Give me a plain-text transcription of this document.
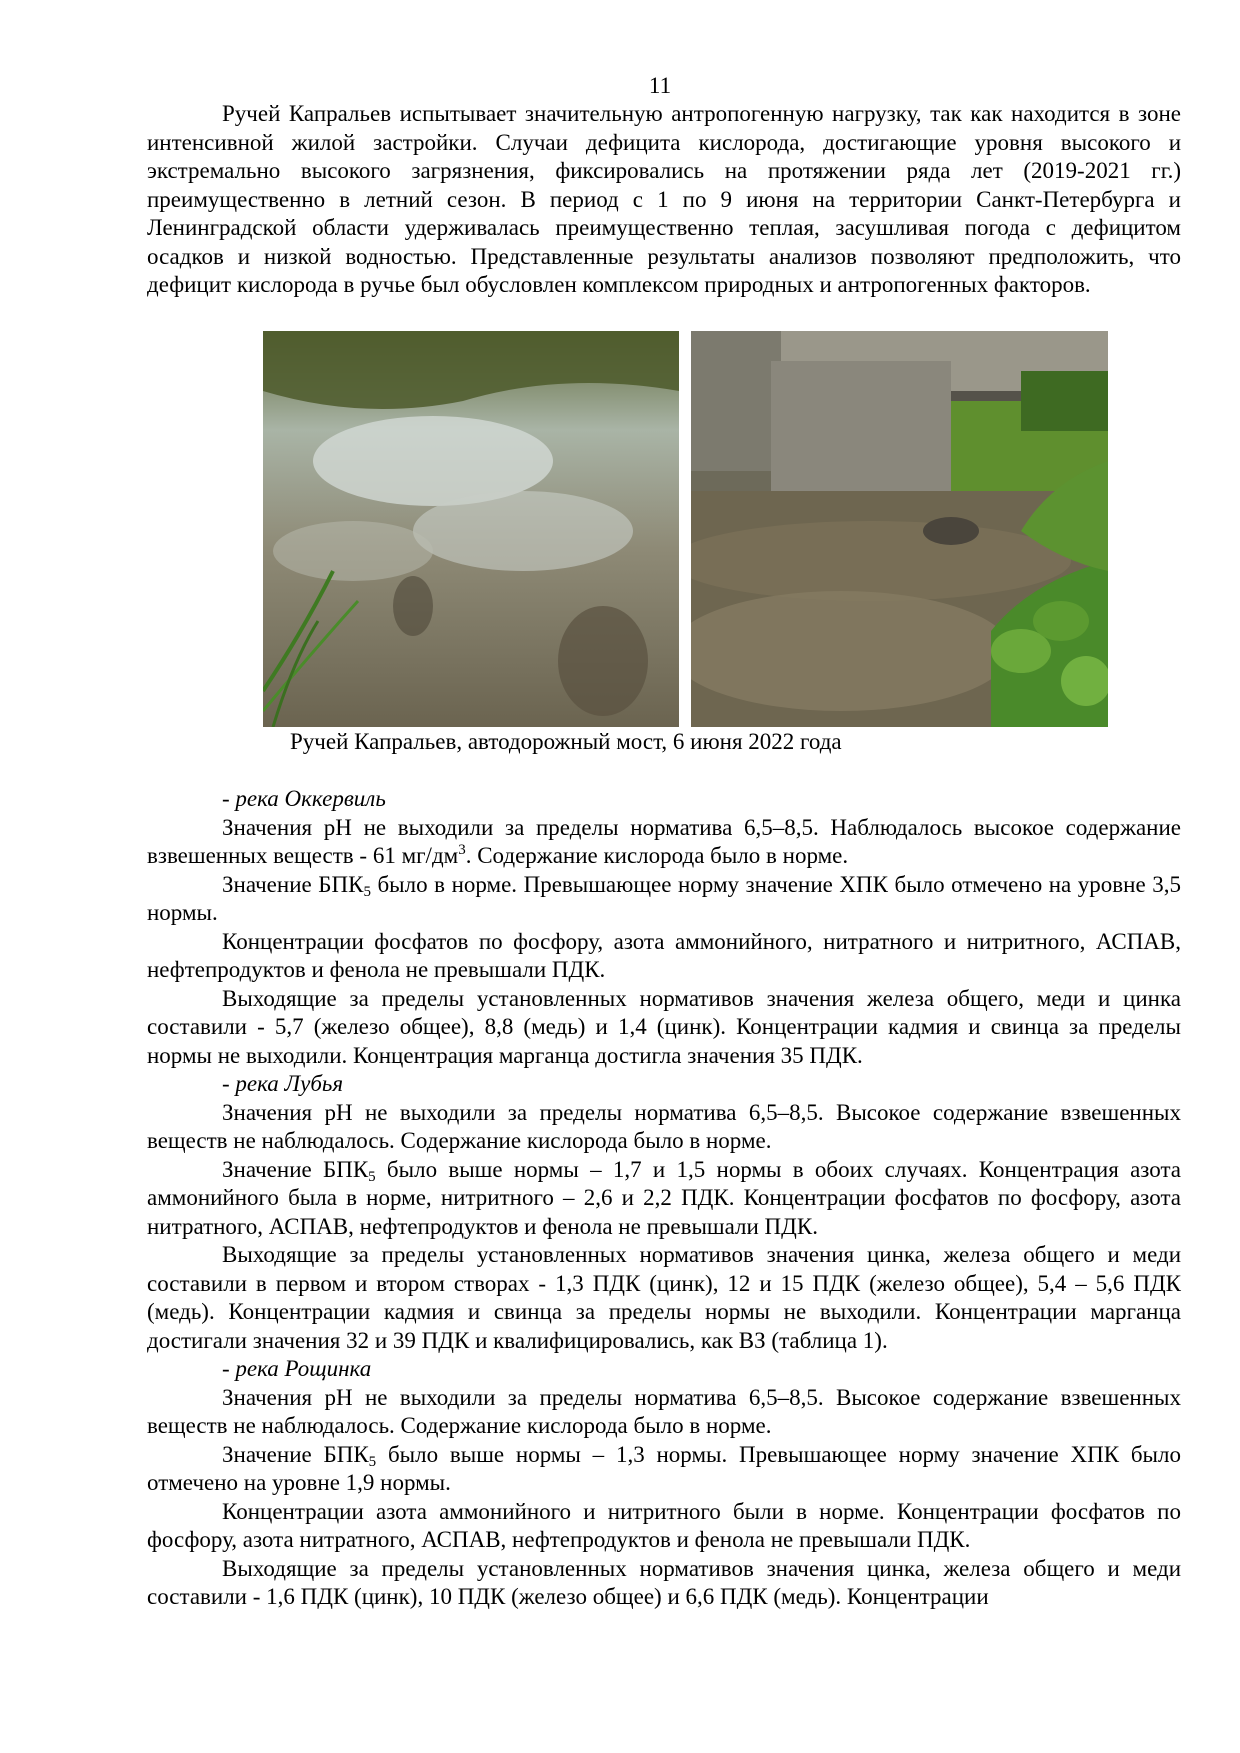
11

Ручей Капральев испытывает значительную антропогенную нагрузку, так как находится в зоне интенсивной жилой застройки. Случаи дефицита кислорода, достигающие уровня высокого и экстремально высокого загрязнения, фиксировались на протяжении ряда лет (2019-2021 гг.) преимущественно в летний сезон. В период с 1 по 9 июня на территории Санкт-Петербурга и Ленинградской области удерживалась преимущественно теплая, засушливая погода с дефицитом осадков и низкой водностью. Представленные результаты анализов позволяют предположить, что дефицит кислорода в ручье был обусловлен комплексом природных и антропогенных факторов.

Ручей Капральев, автодорожный мост, 6 июня 2022 года

- река Оккервиль

Значения рН не выходили за пределы норматива 6,5–8,5. Наблюдалось высокое содержание взвешенных веществ - 61 $мг/дм^3$. Содержание кислорода было в норме.

Значение $БПК_5$ было в норме. Превышающее норму значение ХПК было отмечено на уровне 3,5 нормы.

Концентрации фосфатов по фосфору, азота аммонийного, нитратного и нитритного, АСПАВ, нефтепродуктов и фенола не превышали ПДК.

Выходящие за пределы установленных нормативов значения железа общего, меди и цинка составили - 5,7 (железо общее), 8,8 (медь) и 1,4 (цинк). Концентрации кадмия и свинца за пределы нормы не выходили. Концентрация марганца достигла значения 35 ПДК.

- река Лубья

Значения рН не выходили за пределы норматива 6,5–8,5. Высокое содержание взвешенных веществ не наблюдалось. Содержание кислорода было в норме.

Значение $БПК_5$ было выше нормы – 1,7 и 1,5 нормы в обоих случаях. Концентрация азота аммонийного была в норме, нитритного – 2,6 и 2,2 ПДК. Концентрации фосфатов по фосфору, азота нитратного, АСПАВ, нефтепродуктов и фенола не превышали ПДК.

Выходящие за пределы установленных нормативов значения цинка, железа общего и меди составили в первом и втором створах - 1,3 ПДК (цинк), 12 и 15 ПДК (железо общее), 5,4 – 5,6 ПДК (медь). Концентрации кадмия и свинца за пределы нормы не выходили. Концентрации марганца достигали значения 32 и 39 ПДК и квалифицировались, как ВЗ (таблица 1).

- река Рощинка

Значения рН не выходили за пределы норматива 6,5–8,5. Высокое содержание взвешенных веществ не наблюдалось. Содержание кислорода было в норме.

Значение $БПК_5$ было выше нормы – 1,3 нормы. Превышающее норму значение ХПК было отмечено на уровне 1,9 нормы.

Концентрации азота аммонийного и нитритного были в норме. Концентрации фосфатов по фосфору, азота нитратного, АСПАВ, нефтепродуктов и фенола не превышали ПДК.

Выходящие за пределы установленных нормативов значения цинка, железа общего и меди составили - 1,6 ПДК (цинк), 10 ПДК (железо общее) и 6,6 ПДК (медь). Концентрации
